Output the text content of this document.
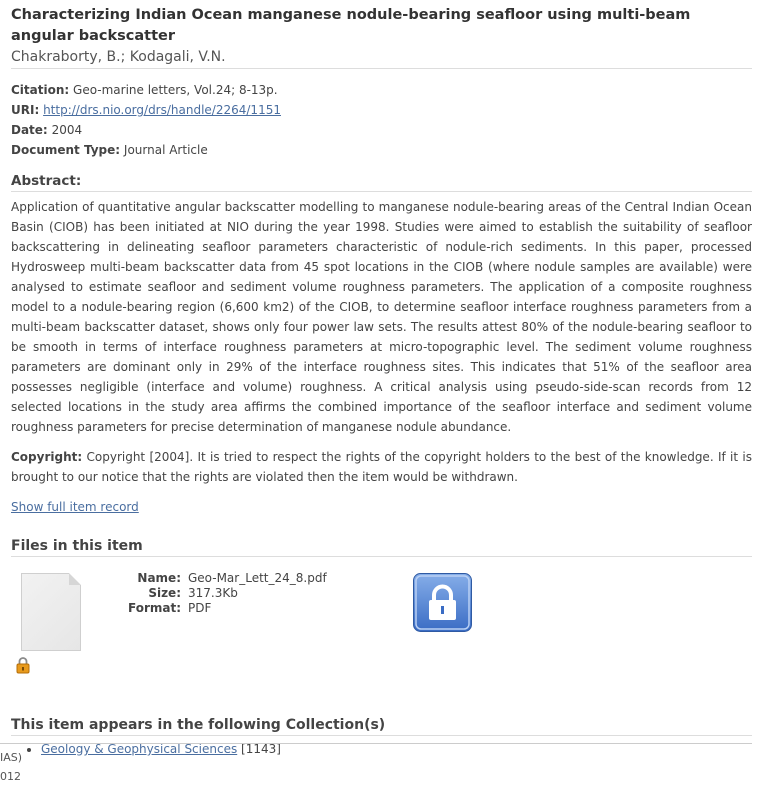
Characterizing Indian Ocean manganese nodule-bearing seafloor using multi-beam angular backscatter
Chakraborty, B.; Kodagali, V.N.
Citation: Geo-marine letters, Vol.24; 8-13p.
URI: http://drs.nio.org/drs/handle/2264/1151
Date: 2004
Document Type: Journal Article
Abstract:
Application of quantitative angular backscatter modelling to manganese nodule-bearing areas of the Central Indian Ocean Basin (CIOB) has been initiated at NIO during the year 1998. Studies were aimed to establish the suitability of seafloor backscattering in delineating seafloor parameters characteristic of nodule-rich sediments. In this paper, processed Hydrosweep multi-beam backscatter data from 45 spot locations in the CIOB (where nodule samples are available) were analysed to estimate seafloor and sediment volume roughness parameters. The application of a composite roughness model to a nodule-bearing region (6,600 km2) of the CIOB, to determine seafloor interface roughness parameters from a multi-beam backscatter dataset, shows only four power law sets. The results attest 80% of the nodule-bearing seafloor to be smooth in terms of interface roughness parameters at micro-topographic level. The sediment volume roughness parameters are dominant only in 29% of the interface roughness sites. This indicates that 51% of the seafloor area possesses negligible (interface and volume) roughness. A critical analysis using pseudo-side-scan records from 12 selected locations in the study area affirms the combined importance of the seafloor interface and sediment volume roughness parameters for precise determination of manganese nodule abundance.
Copyright: Copyright [2004]. It is tried to respect the rights of the copyright holders to the best of the knowledge. If it is brought to our notice that the rights are violated then the item would be withdrawn.
Show full item record
Files in this item
Name: Geo-Mar_Lett_24_8.pdf
Size: 317.3Kb
Format: PDF
This item appears in the following Collection(s)
• Geology & Geophysical Sciences [1143]
IAS)
012
